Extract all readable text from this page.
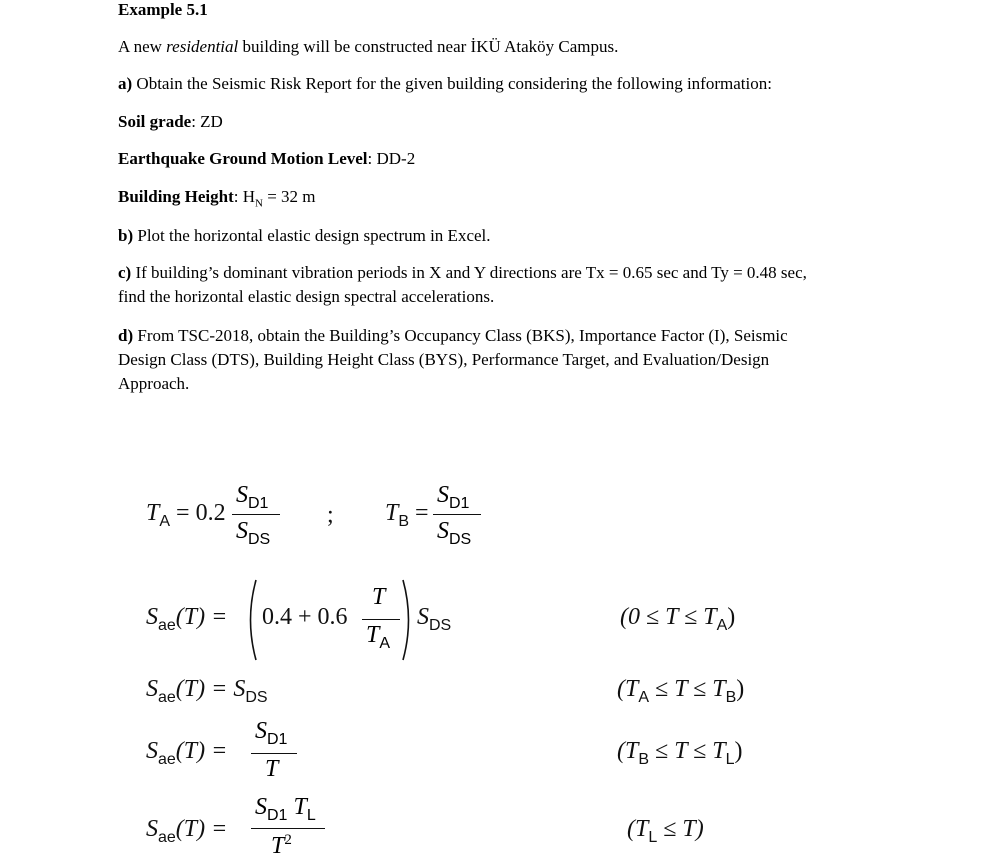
Example 5.1

A new residential building will be constructed near İKÜ Ataköy Campus.

a) Obtain the Seismic Risk Report for the given building considering the following information:

Soil grade: ZD

Earthquake Ground Motion Level: DD-2

Building Height: $H_N = 32$ m

b) Plot the horizontal elastic design spectrum in Excel.

c) If building’s dominant vibration periods in X and Y directions are Tx = 0.65 sec and Ty = 0.48 sec,

find the horizontal elastic design spectral accelerations.

d) From TSC-2018, obtain the Building’s Occupancy Class (BKS), Importance Factor (I), Seismic

Design Class (DTS), Building Height Class (BYS), Performance Target, and Evaluation/Design

Approach.

$T_A = 0.2$
$S_{D1}$
$S_{DS}$
; $T_B$ =
$S_{D1}$
$S_{DS}$
$S_{ae}(T) = 0.4 + 0.6$
T
$T_A$
$S_{DS}$	$(0 \le T \le T_A)$
$S_{ae}(T) = S_{DS}$	$(T_A \le T \le T_B)$
$S_{ae}(T)$ =
$S_{D1}$
T
$(T_B \le T \le T_L)$
$S_{ae}(T)$ =
$S_{D1}$ $T_L$
$T^2$	$(T_L \le T)$
